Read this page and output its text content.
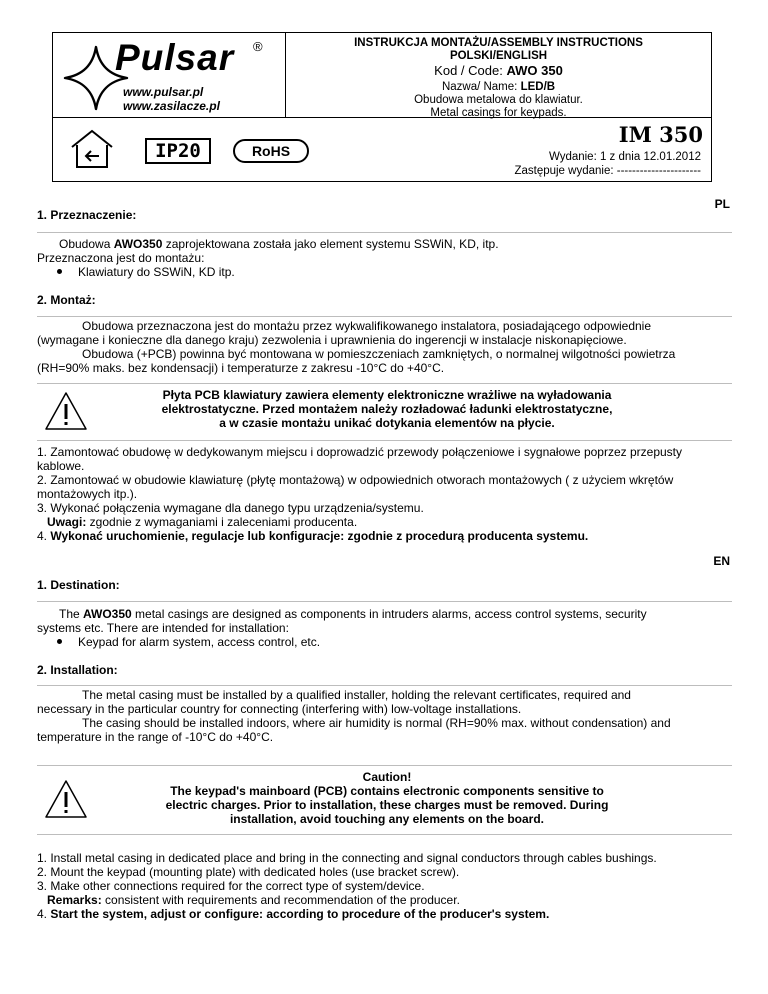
Pulsar ®
www.pulsar.pl
www.zasilacze.pl
INSTRUKCJA MONTAŻU/ASSEMBLY INSTRUCTIONS
POLSKI/ENGLISH
Kod / Code: AWO 350
Nazwa/ Name: LED/B
Obudowa metalowa do klawiatur.
Metal casings for keypads.
IP20	RoHS
IM 350
Wydanie: 1 z dnia 12.01.2012
Zastępuje wydanie: ----------------------
PL
1. Przeznaczenie:
Obudowa AWO350 zaprojektowana została jako element systemu SSWiN, KD, itp.
Przeznaczona jest do montażu:
Klawiatury do SSWiN, KD itp.
2. Montaż:
Obudowa przeznaczona jest do montażu przez wykwalifikowanego instalatora, posiadającego odpowiednie
(wymagane i konieczne dla danego kraju) zezwolenia i uprawnienia do ingerencji w instalacje niskonapięciowe.
Obudowa (+PCB) powinna być montowana w pomieszczeniach zamkniętych, o normalnej wilgotności powietrza
(RH=90% maks. bez kondensacji) i temperaturze z zakresu -10°C do +40°C.
Płyta PCB klawiatury zawiera elementy elektroniczne wrażliwe na wyładowania
elektrostatyczne. Przed montażem należy rozładować ładunki elektrostatyczne,
a w czasie montażu unikać dotykania elementów na płycie.
1. Zamontować obudowę w dedykowanym miejscu i doprowadzić przewody połączeniowe i sygnałowe poprzez przepusty
kablowe.
2. Zamontować w obudowie klawiaturę (płytę montażową) w odpowiednich otworach montażowych ( z użyciem wkrętów
montażowych itp.).
3. Wykonać połączenia wymagane dla danego typu urządzenia/systemu.
Uwagi: zgodnie z wymaganiami i zaleceniami producenta.
4. Wykonać uruchomienie, regulacje lub konfiguracje: zgodnie z procedurą producenta systemu.
EN
1. Destination:
The AWO350 metal casings are designed as components in intruders alarms, access control systems, security
systems etc. There are intended for installation:
Keypad for alarm system, access control, etc.
2. Installation:
The metal casing must be installed by a qualified installer, holding the relevant certificates, required and
necessary in the particular country for connecting (interfering with) low-voltage installations.
The casing should be installed indoors, where air humidity is normal (RH=90% max. without condensation) and
temperature in the range of -10°C do +40°C.
Caution!
The keypad's mainboard (PCB) contains electronic components sensitive to
electric charges. Prior to installation, these charges must be removed. During
installation, avoid touching any elements on the board.
1. Install metal casing in dedicated place and bring in the connecting and signal conductors through cables bushings.
2. Mount the keypad (mounting plate) with dedicated holes (use bracket screw).
3. Make other connections required for the correct type of system/device.
Remarks: consistent with requirements and recommendation of the producer.
4. Start the system, adjust or configure: according to procedure of the producer's system.
